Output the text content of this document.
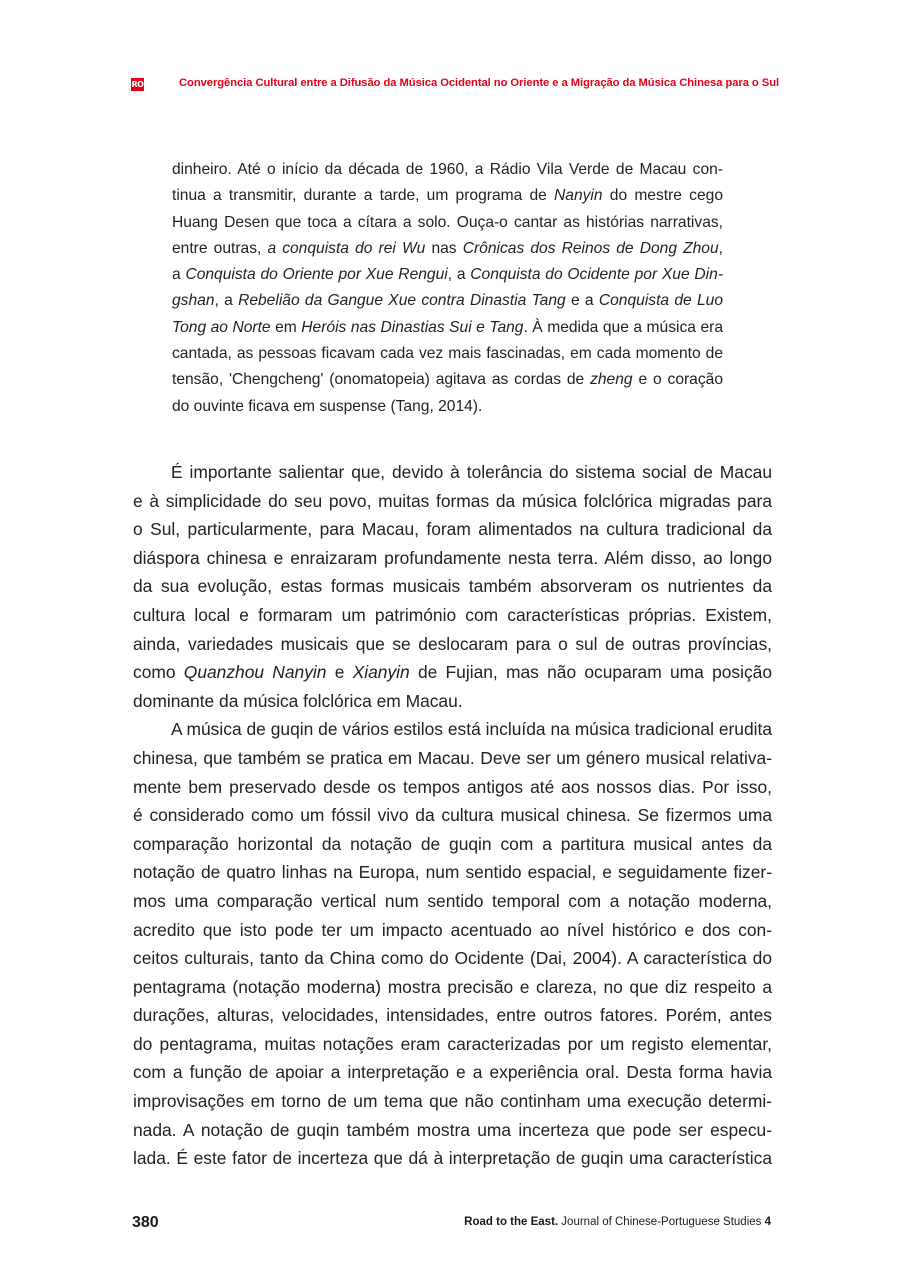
RO	Convergência Cultural entre a Difusão da Música Ocidental no Oriente e a Migração da Música Chinesa para o Sul
dinheiro. Até o início da década de 1960, a Rádio Vila Verde de Macau con-
tinua a transmitir, durante a tarde, um programa de Nanyin do mestre cego
Huang Desen que toca a cítara a solo. Ouça-o cantar as histórias narrativas,
entre outras, a conquista do rei Wu nas Crônicas dos Reinos de Dong Zhou,
a Conquista do Oriente por Xue Rengui, a Conquista do Ocidente por Xue Din-
gshan, a Rebelião da Gangue Xue contra Dinastia Tang e a Conquista de Luo
Tong ao Norte em Heróis nas Dinastias Sui e Tang. À medida que a música era
cantada, as pessoas ficavam cada vez mais fascinadas, em cada momento de
tensão, 'Chengcheng' (onomatopeia) agitava as cordas de zheng e o coração
do ouvinte ficava em suspense (Tang, 2014).

É importante salientar que, devido à tolerância do sistema social de Macau
e à simplicidade do seu povo, muitas formas da música folclórica migradas para
o Sul, particularmente, para Macau, foram alimentados na cultura tradicional da
diáspora chinesa e enraizaram profundamente nesta terra. Além disso, ao longo
da sua evolução, estas formas musicais também absorveram os nutrientes da
cultura local e formaram um património com características próprias. Existem,
ainda, variedades musicais que se deslocaram para o sul de outras províncias,
como Quanzhou Nanyin e Xianyin de Fujian, mas não ocuparam uma posição
dominante da música folclórica em Macau.

A música de guqin de vários estilos está incluída na música tradicional erudita
chinesa, que também se pratica em Macau. Deve ser um género musical relativa-
mente bem preservado desde os tempos antigos até aos nossos dias. Por isso,
é considerado como um fóssil vivo da cultura musical chinesa. Se fizermos uma
comparação horizontal da notação de guqin com a partitura musical antes da
notação de quatro linhas na Europa, num sentido espacial, e seguidamente fizer-
mos uma comparação vertical num sentido temporal com a notação moderna,
acredito que isto pode ter um impacto acentuado ao nível histórico e dos con-
ceitos culturais, tanto da China como do Ocidente (Dai, 2004). A característica do
pentagrama (notação moderna) mostra precisão e clareza, no que diz respeito a
durações, alturas, velocidades, intensidades, entre outros fatores. Porém, antes
do pentagrama, muitas notações eram caracterizadas por um registo elementar,
com a função de apoiar a interpretação e a experiência oral. Desta forma havia
improvisações em torno de um tema que não continham uma execução determi-
nada. A notação de guqin também mostra uma incerteza que pode ser especu-
lada. É este fator de incerteza que dá à interpretação de guqin uma característica

380	Road to the East. Journal of Chinese-Portuguese Studies 4
